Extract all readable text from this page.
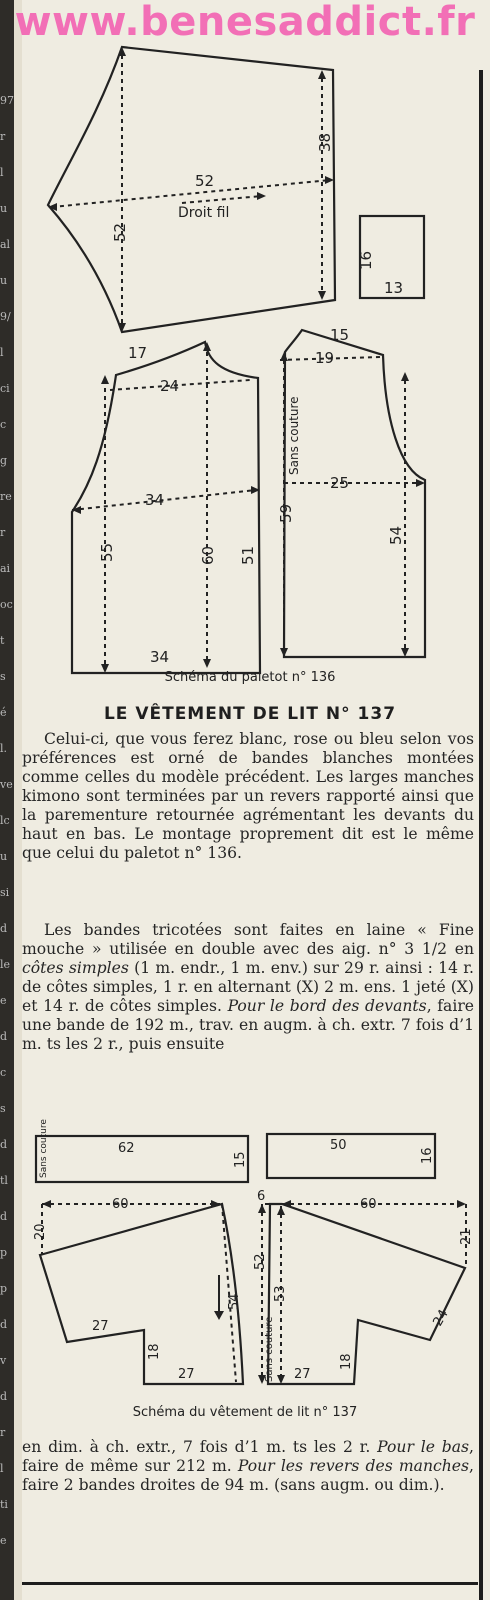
97
r
l
u
al
u
9/
l
ci
c
g
re
r
ai
oc
t
s
é
l.
ve
lc
u
si
d
le
e
d
c
s
d
tl
d
p
p
d
v
d
r
l
ti
e
www.benesaddict.fr
52
52
38
Droit fil
16
13
17
24
34
55	60 51
34
15
19
25
59
54
Sans couture
Schéma du paletot n° 136
LE VÊTEMENT DE LIT N° 137

Celui-ci, que vous ferez blanc, rose ou bleu selon vos préférences est orné de bandes blanches montées comme celles du modèle précédent. Les larges manches kimono sont terminées par un revers rapporté ainsi que la parementure retournée agrémentant les devants du haut en bas. Le montage proprement dit est le même que celui du paletot n° 136.

Les bandes tricotées sont faites en laine « Fine mouche » utilisée en double avec des aig. n° 3 1/2 en côtes simples (1 m. endr., 1 m. env.) sur 29 r. ainsi : 14 r. de côtes simples, 1 r. en alternant (X) 2 m. ens. 1 jeté (X) et 14 r. de côtes simples. Pour le bord des devants, faire une bande de 192 m., trav. en augm. à ch. extr. 7 fois d’1 m. ts les 2 r., puis ensuite

62
15
Sans couture	50
16
60
20
27
18
27
54
6
60
21
24
52
53
18
27
Sans couture
Schéma du vêtement de lit n° 137

en dim. à ch. extr., 7 fois d’1 m. ts les 2 r. Pour le bas, faire de même sur 212 m. Pour les revers des manches, faire 2 bandes droites de 94 m. (sans augm. ou dim.).
